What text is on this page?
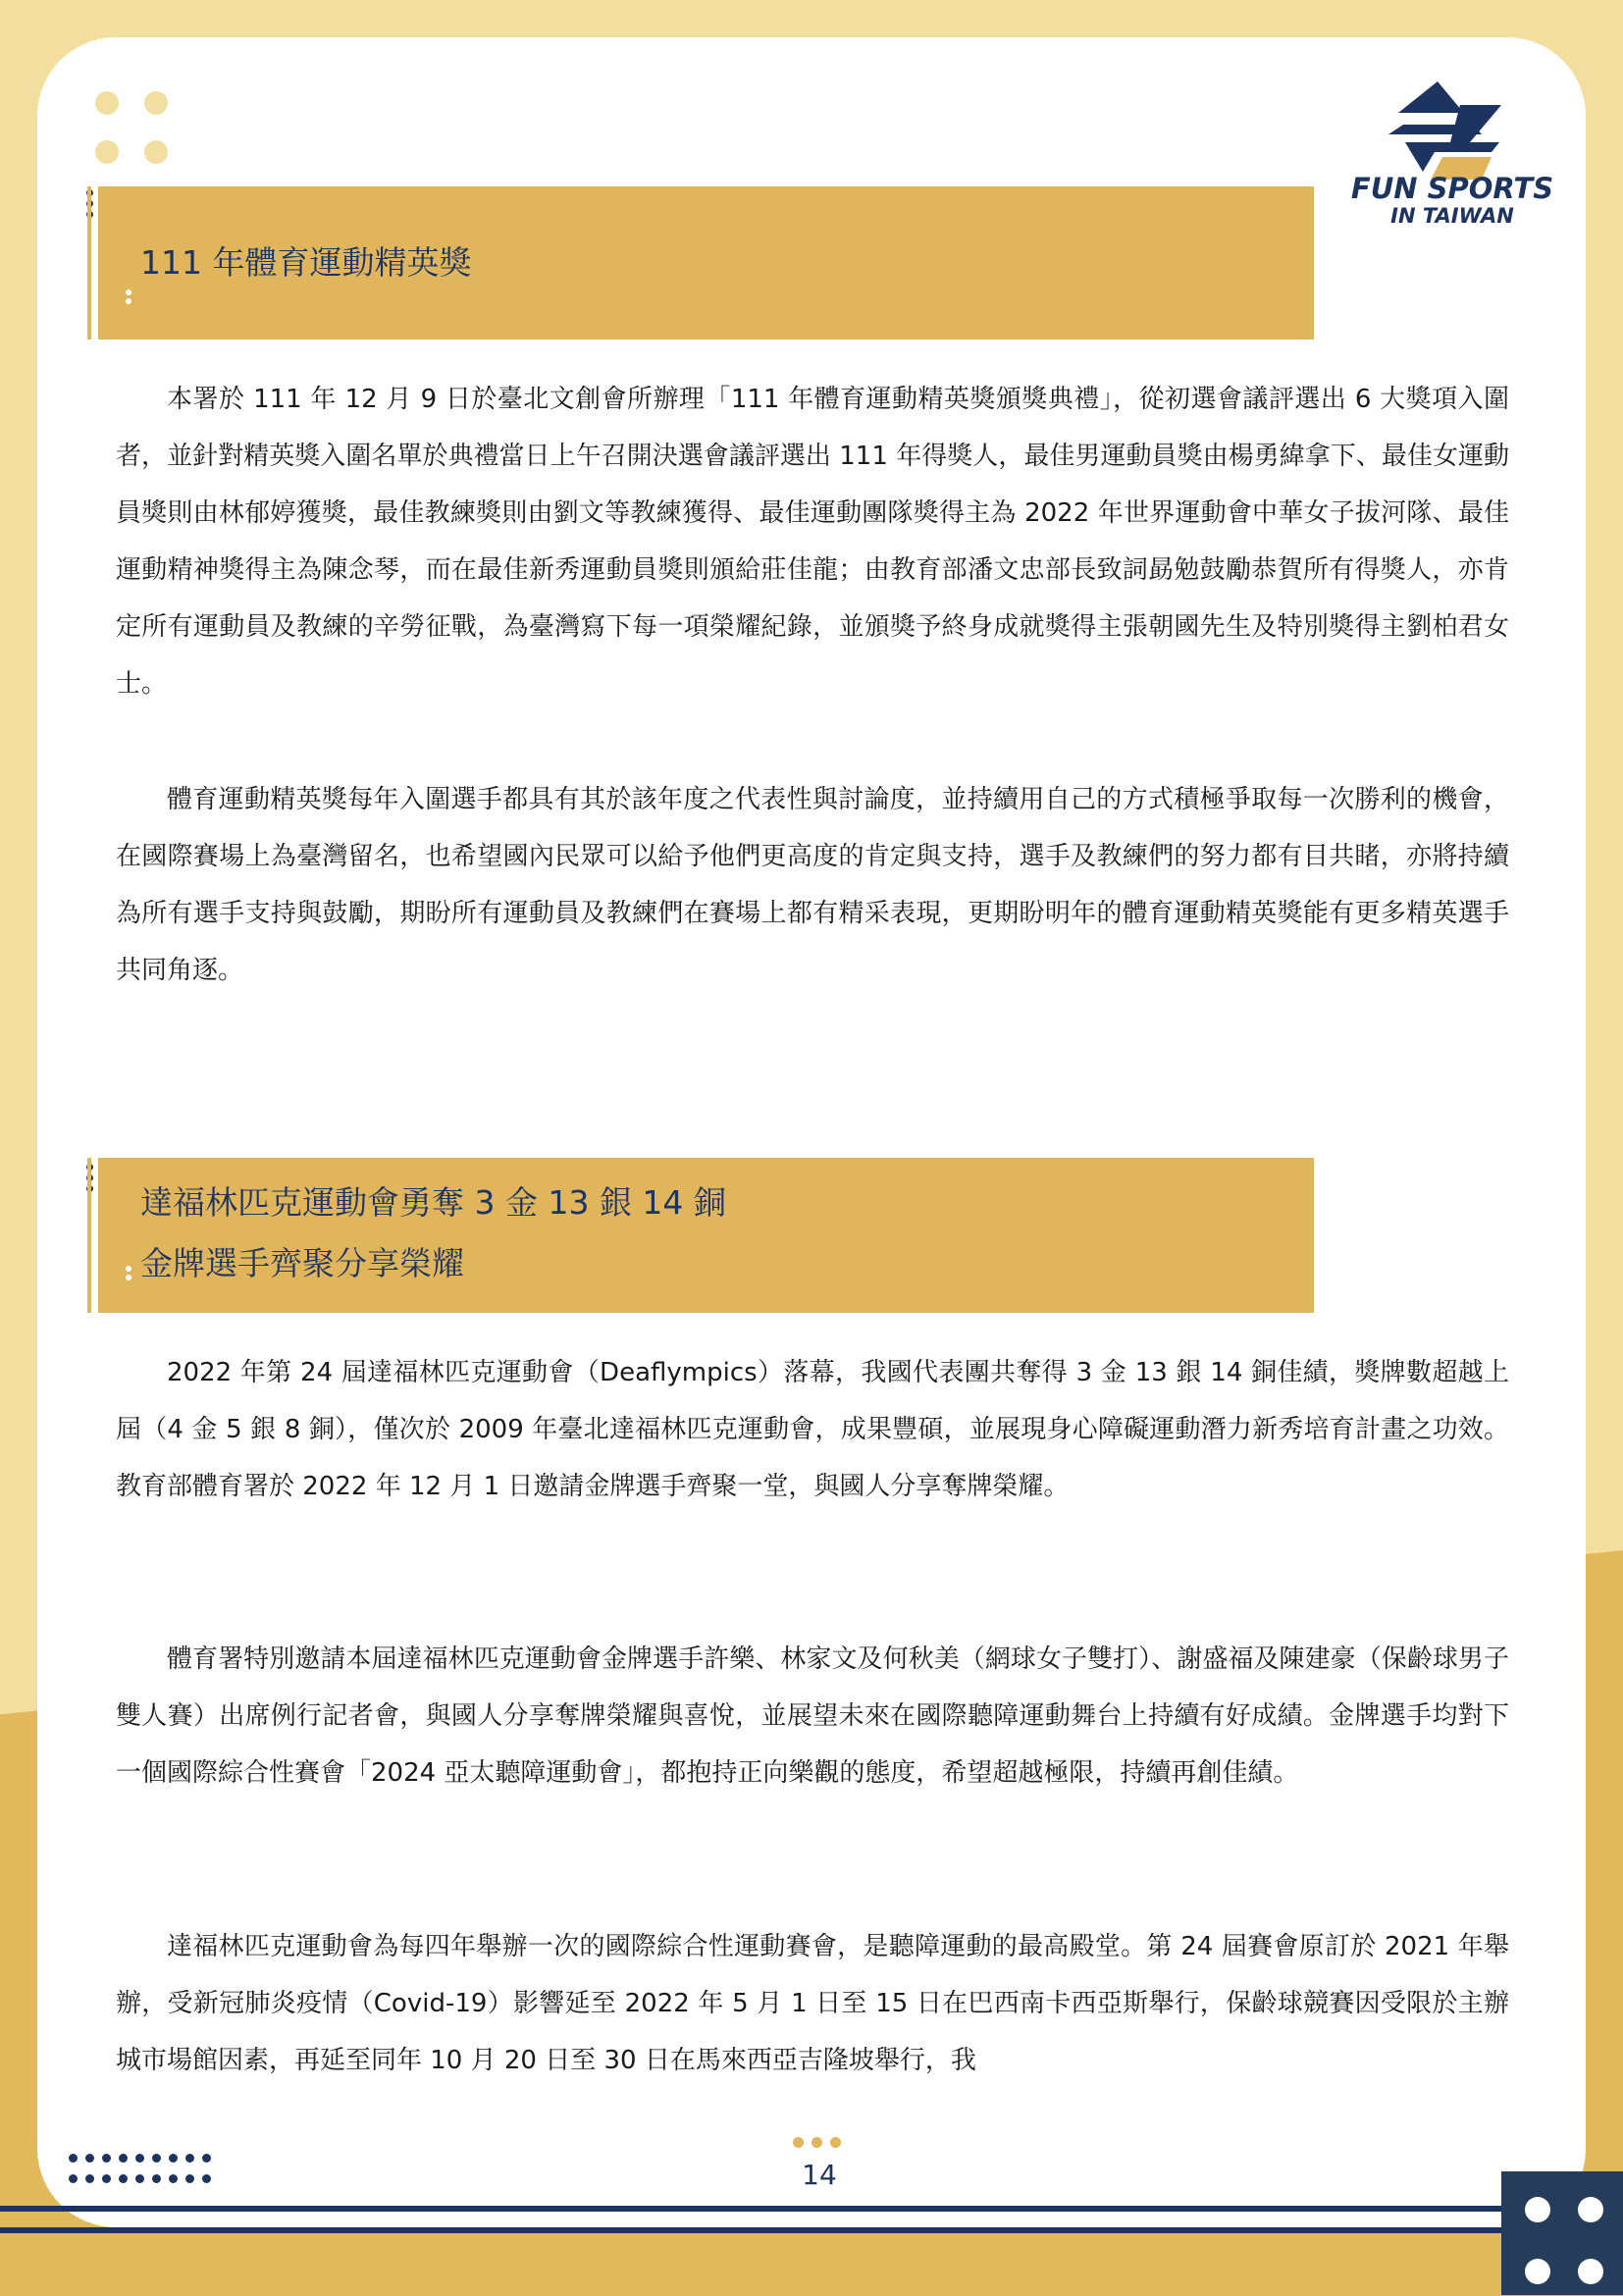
FUN SPORTS
IN TAIWAN
111 年體育運動精英獎
本署於 111 年 12 月 9 日於臺北文創會所辦理「111 年體育運動精英獎頒獎典禮」，從初選會議評選出 6 大獎項入圍者，並針對精英獎入圍名單於典禮當日上午召開決選會議評選出 111 年得獎人，最佳男運動員獎由楊勇緯拿下、最佳女運動員獎則由林郁婷獲獎，最佳教練獎則由劉文等教練獲得、最佳運動團隊獎得主為 2022 年世界運動會中華女子拔河隊、最佳運動精神獎得主為陳念琴，而在最佳新秀運動員獎則頒給莊佳龍；由教育部潘文忠部長致詞勗勉鼓勵恭賀所有得獎人，亦肯定所有運動員及教練的辛勞征戰，為臺灣寫下每一項榮耀紀錄，並頒獎予終身成就獎得主張朝國先生及特別獎得主劉柏君女士。
體育運動精英獎每年入圍選手都具有其於該年度之代表性與討論度，並持續用自己的方式積極爭取每一次勝利的機會，在國際賽場上為臺灣留名，也希望國內民眾可以給予他們更高度的肯定與支持，選手及教練們的努力都有目共睹，亦將持續為所有選手支持與鼓勵，期盼所有運動員及教練們在賽場上都有精采表現，更期盼明年的體育運動精英獎能有更多精英選手共同角逐。
達福林匹克運動會勇奪 3 金 13 銀 14 銅
金牌選手齊聚分享榮耀
2022 年第 24 屆達福林匹克運動會（Deaflympics）落幕，我國代表團共奪得 3 金 13 銀 14 銅佳績，獎牌數超越上屆（4 金 5 銀 8 銅），僅次於 2009 年臺北達福林匹克運動會，成果豐碩，並展現身心障礙運動潛力新秀培育計畫之功效。教育部體育署於 2022 年 12 月 1 日邀請金牌選手齊聚一堂，與國人分享奪牌榮耀。
體育署特別邀請本屆達福林匹克運動會金牌選手許樂、林家文及何秋美（網球女子雙打）、謝盛福及陳建豪（保齡球男子雙人賽）出席例行記者會，與國人分享奪牌榮耀與喜悅，並展望未來在國際聽障運動舞台上持續有好成績。金牌選手均對下一個國際綜合性賽會「2024 亞太聽障運動會」，都抱持正向樂觀的態度，希望超越極限，持續再創佳績。
達福林匹克運動會為每四年舉辦一次的國際綜合性運動賽會，是聽障運動的最高殿堂。第 24 屆賽會原訂於 2021 年舉辦，受新冠肺炎疫情（Covid-19）影響延至 2022 年 5 月 1 日至 15 日在巴西南卡西亞斯舉行，保齡球競賽因受限於主辦城市場館因素，再延至同年 10 月 20 日至 30 日在馬來西亞吉隆坡舉行，我
14
